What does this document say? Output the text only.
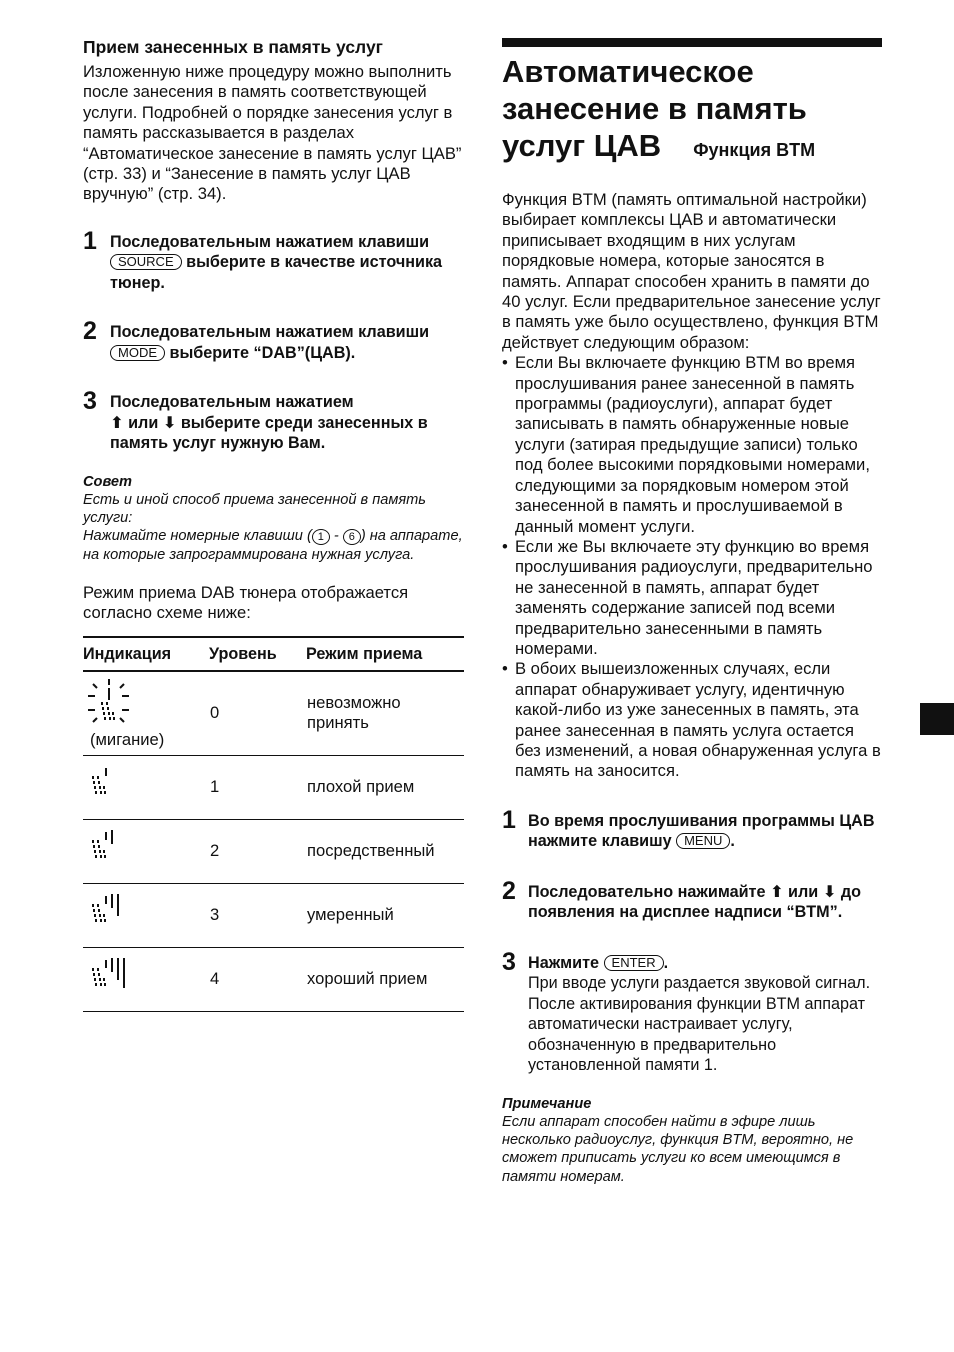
Прием занесенных в память услуг

Изложенную ниже процедуру можно выполнить после занесения в память соответствующей услуги. Подробней о порядке занесения услуг в память рассказывается в разделах “Автоматическое занесение в память услуг ЦАВ” (стр. 33) и “Занесение в память услуг ЦАВ вручную” (стр. 34).

1 Последовательным нажатием клавиши SOURCE выберите в качестве источника тюнер.
2 Последовательным нажатием клавиши MODE выберите “DAB”(ЦАВ).
3 Последовательным нажатием
⬆ или ⬇ выберите среди занесенных в память услуг нужную Вам.
Совет
Есть и иной способ приема занесенной в память услуги:
Нажимайте номерные клавиши ( 1 - 6 ) на аппарате, на которые запрограммирована нужная услуга.

Режим приема DAB тюнера отображается согласно схеме ниже:

Индикация	Уровень	Режим приема
(мигание)	0	невозможно принять
	1	плохой прием
	2	посредственный
	3	умеренный
	4	хороший прием
Автоматическое
занесение в память
услуг ЦАВ Функция BTM

Функция BTM (память оптимальной настройки) выбирает комплексы ЦАВ и автоматически приписывает входящим в них услугам порядковые номера, которые заносятся в память. Аппарат способен хранить в памяти до 40 услуг. Если предварительное занесение услуг в память уже было осуществлено, функция BTM действует следующим образом:

• Если Вы включаете функцию BTM во время прослушивания ранее занесенной в память программы (радиоуслуги), аппарат будет записывать в память обнаруженные новые услуги (затирая предыдущие записи) только под более высокими порядковыми номерами, следующими за порядковым номером этой занесенной в память и прослушиваемой в данный момент услуги.
• Если же Вы включаете эту функцию во время прослушивания радиоуслуги, предварительно не занесенной в память, аппарат будет заменять содержание записей под всеми предварительно занесенными в память номерами.
• В обоих вышеизложенных случаях, если аппарат обнаруживает услугу, идентичную какой-либо из уже занесенных в память, эта ранее занесенная в память услуга остается без изменений, а новая обнаруженная услуга в память на заносится.
1 Во время прослушивания программы ЦАВ нажмите клавишу MENU .
2 Последовательно нажимайте ⬆ или ⬇ до появления на дисплее надписи “BTM”.
3 Нажмите ENTER .
При вводе услуги раздается звуковой сигнал.
После активирования функции BTM аппарат автоматически настраивает услугу, обозначенную в предварительно установленной памяти 1.
Примечание
Если аппарат способен найти в эфире лишь несколько радиоуслуг, функция BTM, вероятно, не сможет приписать услуги ко всем имеющимся в памяти номерам.
